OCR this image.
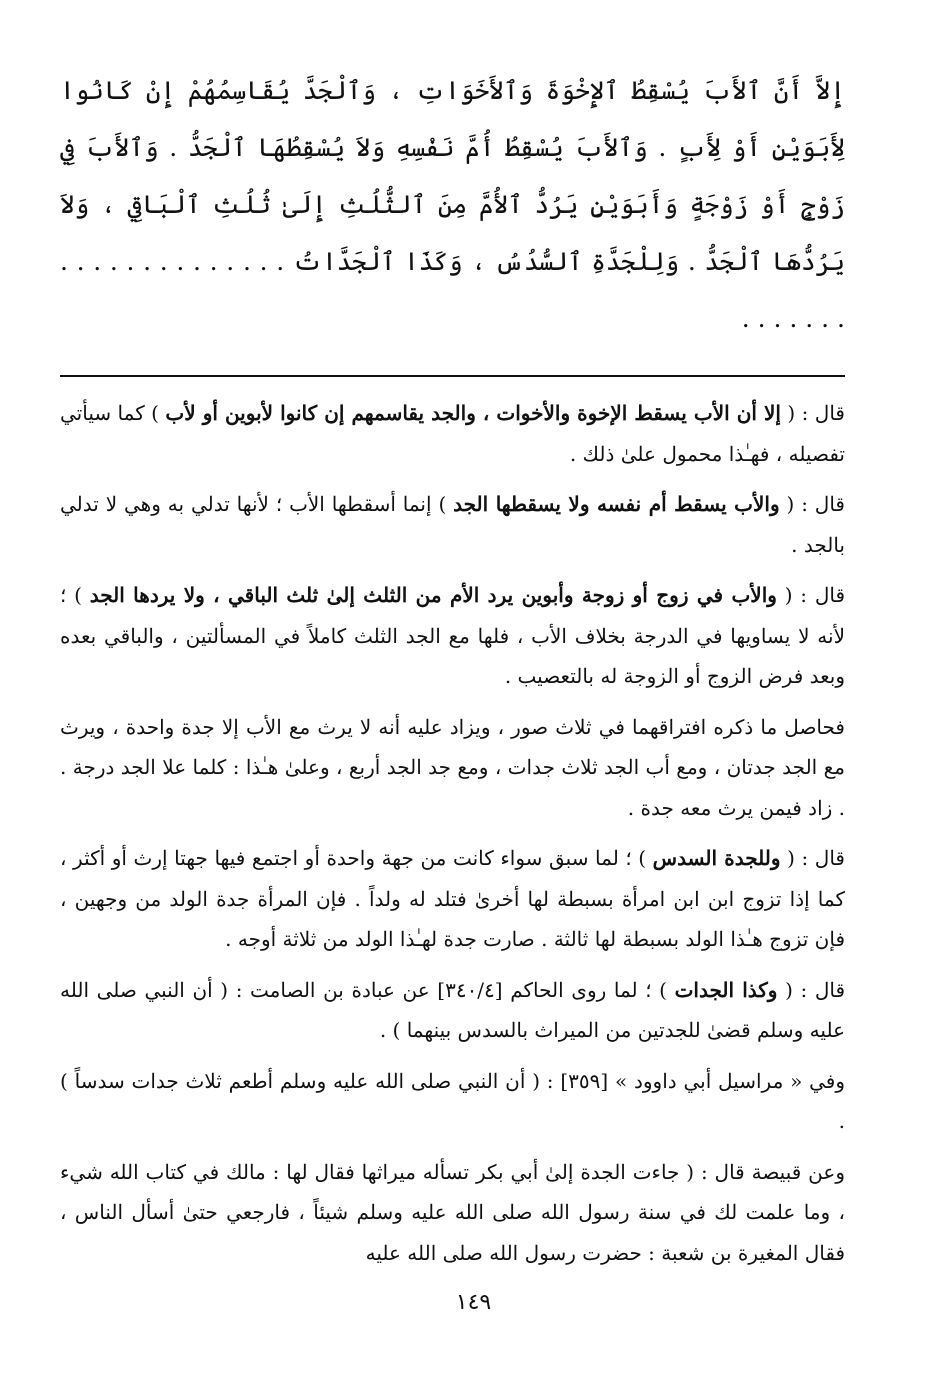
إِلاَّ أَنَّ ٱلأَبَ يُسْقِطُ ٱلإِخْوَةَ وَٱلأَخَوَاتِ ، وَٱلْجَدَّ يُقَاسِمُهُمْ إِنْ كَانُوا لِأَبَوَيْنِ أَوْ لِأَبٍ . وَٱلأَبَ يُسْقِطُ أُمَّ نَفْسِهِ وَلاَ يُسْقِطُهَا ٱلْجَدُّ . وَٱلأَبَ فِي زَوْجٍ أَوْ زَوْجَةٍ وَأَبَوَيْنِ يَرُدُّ ٱلأُمَّ مِنَ ٱلثُّلُثِ إِلَىٰ ثُلُثِ ٱلْبَاقِي ، وَلاَ يَرُدُّهَا ٱلْجَدُّ . وَلِلْجَدَّةِ ٱلسُّدُسُ ، وَكَذَا ٱلْجَدَّاتُ . . . . . . . . . . . . . . . . . . . . .

قال : ( إلا أن الأب يسقط الإخوة والأخوات ، والجد يقاسمهم إن كانوا لأبوين أو لأب ) كما سيأتي تفصيله ، فهـٰذا محمول علىٰ ذلك .

قال : ( والأب يسقط أم نفسه ولا يسقطها الجد ) إنما أسقطها الأب ؛ لأنها تدلي به وهي لا تدلي بالجد .

قال : ( والأب في زوج أو زوجة وأبوين يرد الأم من الثلث إلىٰ ثلث الباقي ، ولا يردها الجد ) ؛ لأنه لا يساويها في الدرجة بخلاف الأب ، فلها مع الجد الثلث كاملاً في المسألتين ، والباقي بعده وبعد فرض الزوج أو الزوجة له بالتعصيب .

فحاصل ما ذكره افتراقهما في ثلاث صور ، ويزاد عليه أنه لا يرث مع الأب إلا جدة واحدة ، ويرث مع الجد جدتان ، ومع أب الجد ثلاث جدات ، ومع جد الجد أربع ، وعلىٰ هـٰذا : كلما علا الجد درجة . . زاد فيمن يرث معه جدة .

قال : ( وللجدة السدس ) ؛ لما سبق سواء كانت من جهة واحدة أو اجتمع فيها جهتا إرث أو أكثر ، كما إذا تزوج ابن ابن امرأة بسبطة لها أخرىٰ فتلد له ولداً . فإن المرأة جدة الولد من وجهين ، فإن تزوج هـٰذا الولد بسبطة لها ثالثة . صارت جدة لهـٰذا الولد من ثلاثة أوجه .

قال : ( وكذا الجدات ) ؛ لما روى الحاكم [٣٤٠/٤] عن عبادة بن الصامت : ( أن النبي صلى الله عليه وسلم قضىٰ للجدتين من الميراث بالسدس بينهما ) .

وفي « مراسيل أبي داوود » [٣٥٩] : ( أن النبي صلى الله عليه وسلم أطعم ثلاث جدات سدساً ) .

وعن قبيصة قال : ( جاءت الجدة إلىٰ أبي بكر تسأله ميراثها فقال لها : مالك في كتاب الله شيء ، وما علمت لك في سنة رسول الله صلى الله عليه وسلم شيئاً ، فارجعي حتىٰ أسأل الناس ، فقال المغيرة بن شعبة : حضرت رسول الله صلى الله عليه

١٤٩
